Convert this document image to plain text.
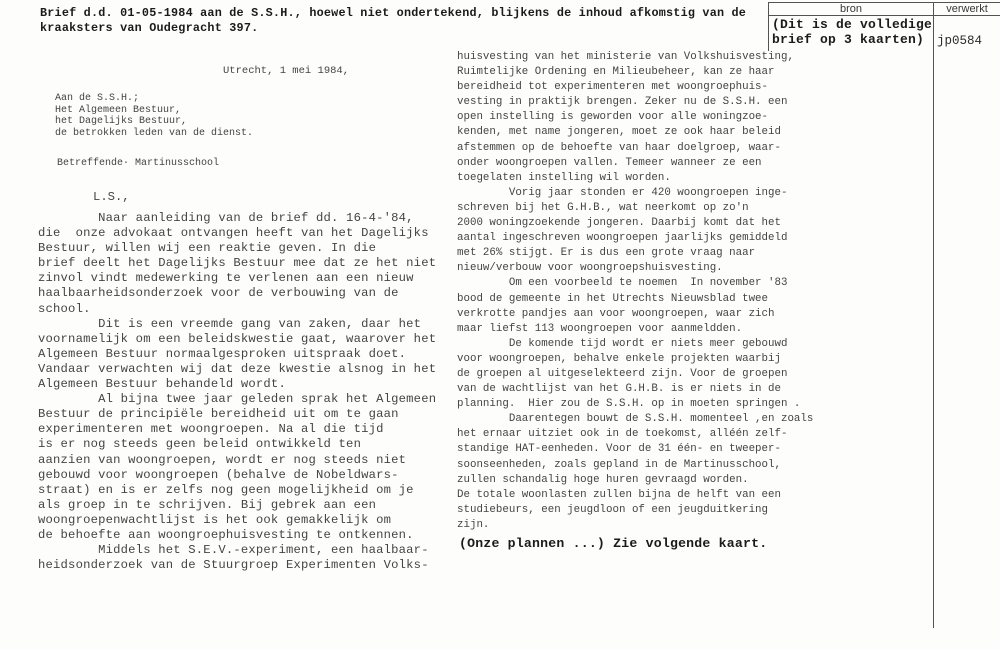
Brief d.d. 01-05-1984 aan de S.S.H., hoewel niet ondertekend, blijkens de inhoud afkomstig van de
kraaksters van Oudegracht 397.
bron	verwerkt
(Dit is de volledige
brief op 3 kaarten)	jp0584
Utrecht, 1 mei 1984,
Aan de S.S.H.;
Het Algemeen Bestuur,
het Dagelijks Bestuur,
de betrokken leden van de dienst.
Betreffende· Martinusschool
L.S.,
Naar aanleiding van de brief dd. 16-4-'84,
die  onze advokaat ontvangen heeft van het Dagelijks
Bestuur, willen wij een reaktie geven. In die
brief deelt het Dagelijks Bestuur mee dat ze het niet
zinvol vindt medewerking te verlenen aan een nieuw
haalbaarheidsonderzoek voor de verbouwing van de
school.
Dit is een vreemde gang van zaken, daar het
voornamelijk om een beleidskwestie gaat, waarover het
Algemeen Bestuur normaalgesproken uitspraak doet.
Vandaar verwachten wij dat deze kwestie alsnog in het
Algemeen Bestuur behandeld wordt.
Al bijna twee jaar geleden sprak het Algemeen
Bestuur de principiële bereidheid uit om te gaan
experimenteren met woongroepen. Na al die tijd
is er nog steeds geen beleid ontwikkeld ten
aanzien van woongroepen, wordt er nog steeds niet
gebouwd voor woongroepen (behalve de Nobeldwars-
straat) en is er zelfs nog geen mogelijkheid om je
als groep in te schrijven. Bij gebrek aan een
woongroepenwachtlijst is het ook gemakkelijk om
de behoefte aan woongroephuisvesting te ontkennen.
Middels het S.E.V.-experiment, een haalbaar-
heidsonderzoek van de Stuurgroep Experimenten Volks-
huisvesting van het ministerie van Volkshuisvesting,
Ruimtelijke Ordening en Milieubeheer, kan ze haar
bereidheid tot experimenteren met woongroephuis-
vesting in praktijk brengen. Zeker nu de S.S.H. een
open instelling is geworden voor alle woningzoe-
kenden, met name jongeren, moet ze ook haar beleid
afstemmen op de behoefte van haar doelgroep, waar-
onder woongroepen vallen. Temeer wanneer ze een
toegelaten instelling wil worden.
Vorig jaar stonden er 420 woongroepen inge-
schreven bij het G.H.B., wat neerkomt op zo'n
2000 woningzoekende jongeren. Daarbij komt dat het
aantal ingeschreven woongroepen jaarlijks gemiddeld
met 26% stijgt. Er is dus een grote vraag naar
nieuw/verbouw voor woongroepshuisvesting.
Om een voorbeeld te noemen  In november '83
bood de gemeente in het Utrechts Nieuwsblad twee
verkrotte pandjes aan voor woongroepen, waar zich
maar liefst 113 woongroepen voor aanmeldden.
De komende tijd wordt er niets meer gebouwd
voor woongroepen, behalve enkele projekten waarbij
de groepen al uitgeselekteerd zijn. Voor de groepen
van de wachtlijst van het G.H.B. is er niets in de
planning.  Hier zou de S.S.H. op in moeten springen .
Daarentegen bouwt de S.S.H. momenteel ,en zoals
het ernaar uitziet ook in de toekomst, alléén zelf-
standige HAT-eenheden. Voor de 31 één- en tweeper-
soonseenheden, zoals gepland in de Martinusschool,
zullen schandalig hoge huren gevraagd worden.
De totale woonlasten zullen bijna de helft van een
studiebeurs, een jeugdloon of een jeugduitkering
zijn.
(Onze plannen ...) Zie volgende kaart.
